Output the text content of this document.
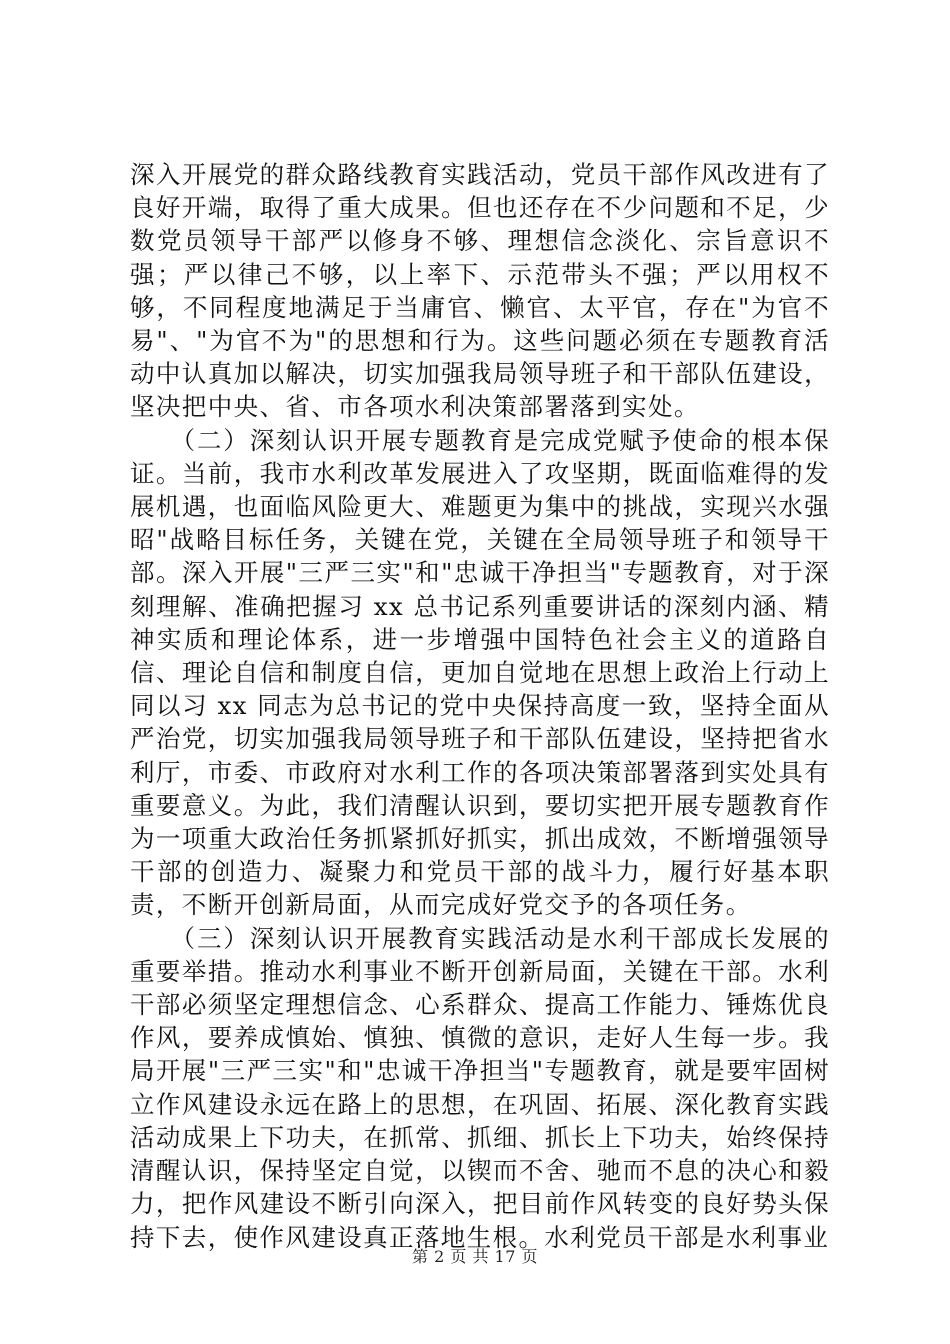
深入开展党的群众路线教育实践活动，党员干部作风改进有了良好开端，取得了重大成果。但也还存在不少问题和不足，少数党员领导干部严以修身不够、理想信念淡化、宗旨意识不强；严以律己不够，以上率下、示范带头不强；严以用权不够，不同程度地满足于当庸官、懒官、太平官，存在"为官不易"、"为官不为"的思想和行为。这些问题必须在专题教育活动中认真加以解决，切实加强我局领导班子和干部队伍建设，坚决把中央、省、市各项水利决策部署落到实处。

　　（二）深刻认识开展专题教育是完成党赋予使命的根本保证。当前，我市水利改革发展进入了攻坚期，既面临难得的发展机遇，也面临风险更大、难题更为集中的挑战，实现兴水强昭"战略目标任务，关键在党，关键在全局领导班子和领导干部。深入开展"三严三实"和"忠诚干净担当"专题教育，对于深刻理解、准确把握习 xx 总书记系列重要讲话的深刻内涵、精神实质和理论体系，进一步增强中国特色社会主义的道路自信、理论自信和制度自信，更加自觉地在思想上政治上行动上同以习 xx 同志为总书记的党中央保持高度一致，坚持全面从严治党，切实加强我局领导班子和干部队伍建设，坚持把省水利厅，市委、市政府对水利工作的各项决策部署落到实处具有重要意义。为此，我们清醒认识到，要切实把开展专题教育作为一项重大政治任务抓紧抓好抓实，抓出成效，不断增强领导干部的创造力、凝聚力和党员干部的战斗力，履行好基本职责，不断开创新局面，从而完成好党交予的各项任务。

　　（三）深刻认识开展教育实践活动是水利干部成长发展的重要举措。推动水利事业不断开创新局面，关键在干部。水利干部必须坚定理想信念、心系群众、提高工作能力、锤炼优良作风，要养成慎始、慎独、慎微的意识，走好人生每一步。我局开展"三严三实"和"忠诚干净担当"专题教育，就是要牢固树立作风建设永远在路上的思想，在巩固、拓展、深化教育实践活动成果上下功夫，在抓常、抓细、抓长上下功夫，始终保持清醒认识，保持坚定自觉，以锲而不舍、驰而不息的决心和毅力，把作风建设不断引向深入，把目前作风转变的良好势头保持下去，使作风建设真正落地生根。水利党员干部是水利事业

第 2 页 共 17 页
